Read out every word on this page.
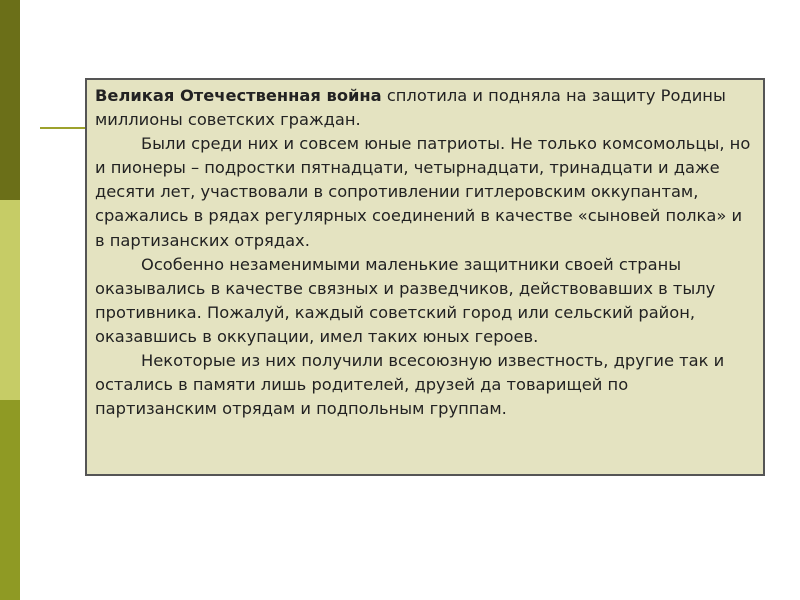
Великая Отечественная война сплотила и подняла на защиту Родины миллионы советских граждан.

Были среди них и совсем юные патриоты. Не только комсомольцы, но и пионеры – подростки пятнадцати, четырнадцати, тринадцати и даже десяти лет, участвовали в сопротивлении гитлеровским оккупантам, сражались в рядах регулярных соединений в качестве «сыновей полка» и в партизанских отрядах.

Особенно незаменимыми маленькие защитники своей страны оказывались в качестве связных и разведчиков, действовавших в тылу противника. Пожалуй, каждый советский город или сельский район, оказавшись в оккупации, имел таких юных героев.

Некоторые из них получили всесоюзную известность, другие так и остались в памяти лишь родителей, друзей да товарищей по партизанским отрядам и подпольным группам.
